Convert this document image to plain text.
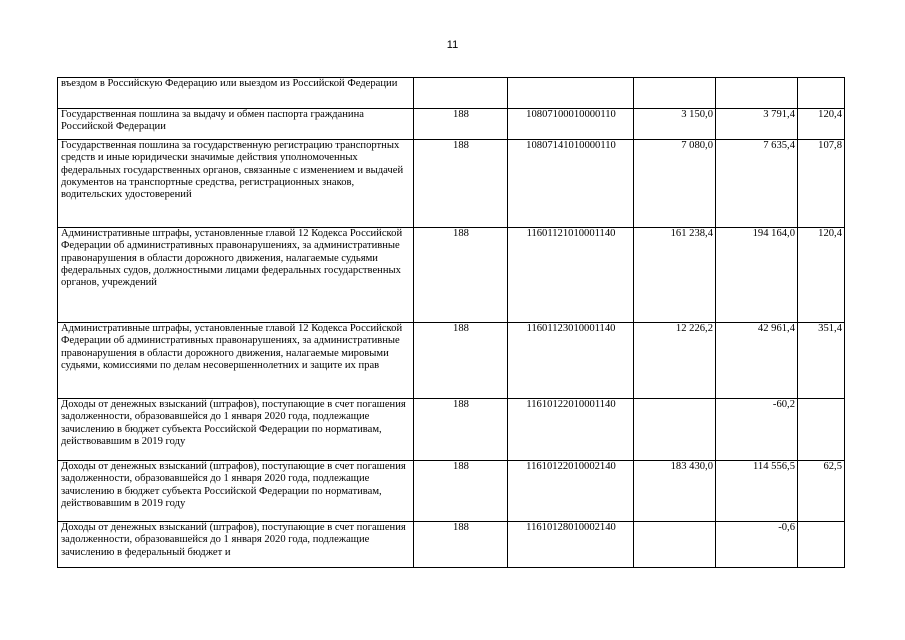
11
въездом в Российскую Федерацию или выездом из Российской Федерации					
Государственная пошлина за выдачу и обмен паспорта гражданина Российской Федерации	188	10807100010000110	3 150,0	3 791,4	120,4
Государственная пошлина за государственную регистрацию транспортных средств и иные юридически значимые действия уполномоченных федеральных государственных органов, связанные с изменением и выдачей документов на транспортные средства, регистрационных знаков, водительских удостоверений	188	10807141010000110	7 080,0	7 635,4	107,8
Административные штрафы, установленные главой 12 Кодекса Российской Федерации об административных правонарушениях, за административные правонарушения в области дорожного движения, налагаемые судьями федеральных судов, должностными лицами федеральных государственных органов, учреждений	188	11601121010001140	161 238,4	194 164,0	120,4
Административные штрафы, установленные главой 12 Кодекса Российской Федерации об административных правонарушениях, за административные правонарушения в области дорожного движения, налагаемые мировыми судьями, комиссиями по делам несовершеннолетних и защите их прав	188	11601123010001140	12 226,2	42 961,4	351,4
Доходы от денежных взысканий (штрафов), поступающие в счет погашения задолженности, образовавшейся до 1 января 2020 года, подлежащие зачислению в бюджет субъекта Российской Федерации по нормативам, действовавшим в 2019 году	188	11610122010001140		-60,2	
Доходы от денежных взысканий (штрафов), поступающие в счет погашения задолженности, образовавшейся до 1 января 2020 года, подлежащие зачислению в бюджет субъекта Российской Федерации по нормативам, действовавшим в 2019 году	188	11610122010002140	183 430,0	114 556,5	62,5
Доходы от денежных взысканий (штрафов), поступающие в счет погашения задолженности, образовавшейся до 1 января 2020 года, подлежащие зачислению в федеральный бюджет и	188	11610128010002140		-0,6	
